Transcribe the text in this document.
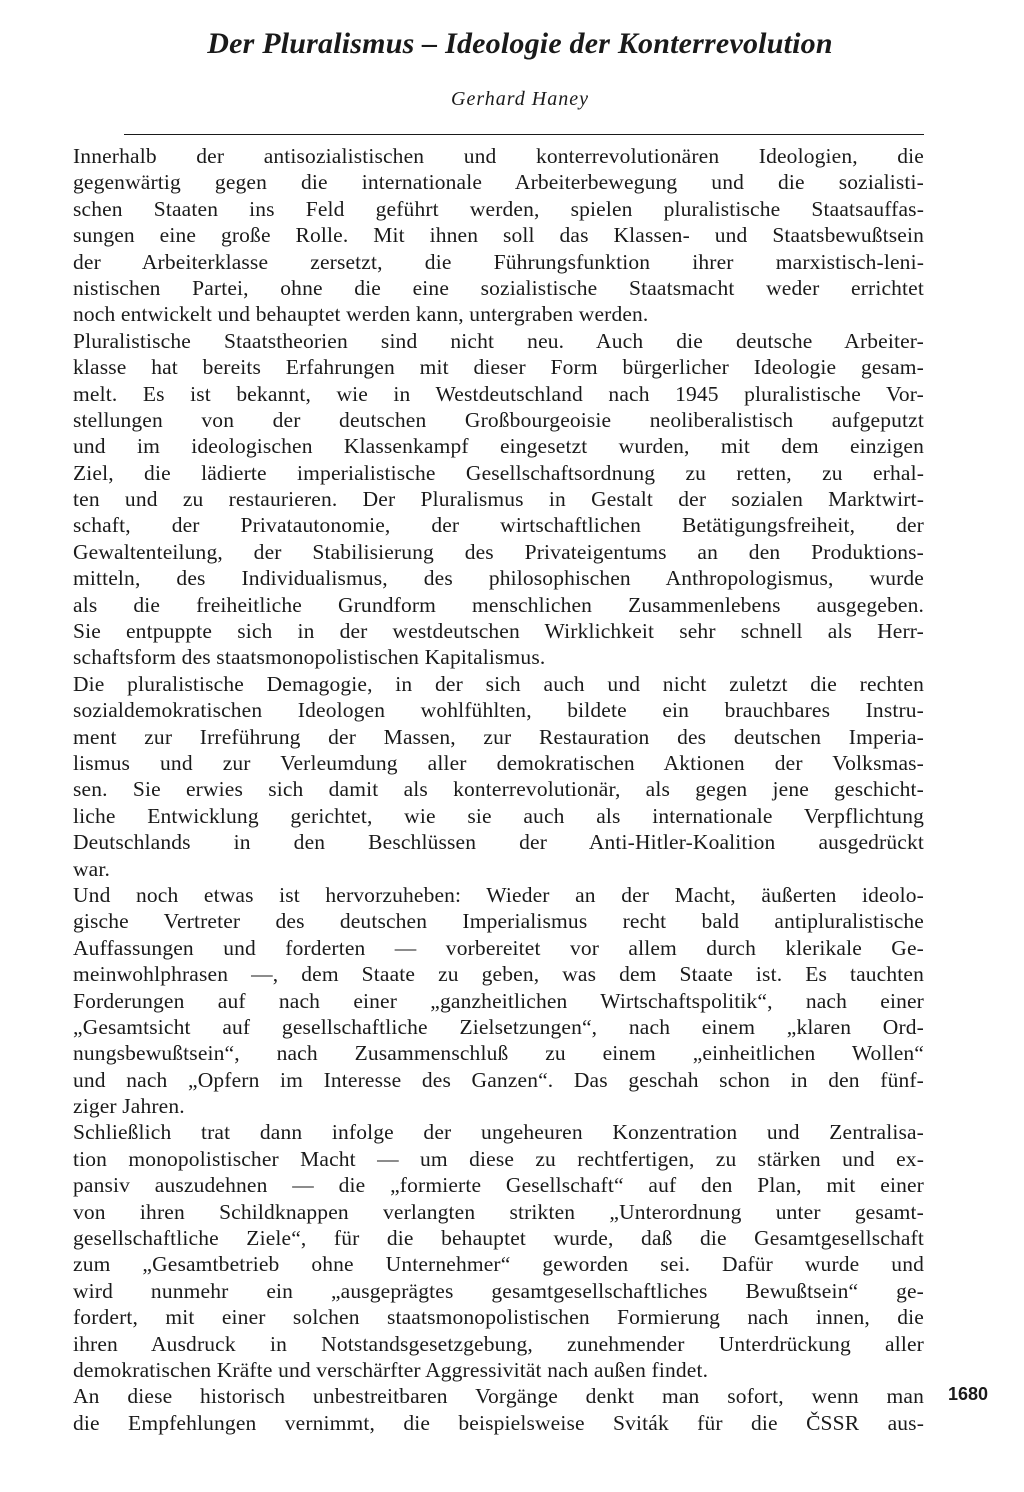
Der Pluralismus – Ideologie der Konterrevolution
Gerhard Haney
Innerhalb der antisozialistischen und konterrevolutionären Ideologien, die
gegenwärtig gegen die internationale Arbeiterbewegung und die sozialisti-
schen Staaten ins Feld geführt werden, spielen pluralistische Staatsauffas-
sungen eine große Rolle. Mit ihnen soll das Klassen- und Staatsbewußtsein
der Arbeiterklasse zersetzt, die Führungsfunktion ihrer marxistisch-leni-
nistischen Partei, ohne die eine sozialistische Staatsmacht weder errichtet
noch entwickelt und behauptet werden kann, untergraben werden.
Pluralistische Staatstheorien sind nicht neu. Auch die deutsche Arbeiter-
klasse hat bereits Erfahrungen mit dieser Form bürgerlicher Ideologie gesam-
melt. Es ist bekannt, wie in Westdeutschland nach 1945 pluralistische Vor-
stellungen von der deutschen Großbourgeoisie neoliberalistisch aufgeputzt
und im ideologischen Klassenkampf eingesetzt wurden, mit dem einzigen
Ziel, die lädierte imperialistische Gesellschaftsordnung zu retten, zu erhal-
ten und zu restaurieren. Der Pluralismus in Gestalt der sozialen Marktwirt-
schaft, der Privatautonomie, der wirtschaftlichen Betätigungsfreiheit, der
Gewaltenteilung, der Stabilisierung des Privateigentums an den Produktions-
mitteln, des Individualismus, des philosophischen Anthropologismus, wurde
als die freiheitliche Grundform menschlichen Zusammenlebens ausgegeben.
Sie entpuppte sich in der westdeutschen Wirklichkeit sehr schnell als Herr-
schaftsform des staatsmonopolistischen Kapitalismus.
Die pluralistische Demagogie, in der sich auch und nicht zuletzt die rechten
sozialdemokratischen Ideologen wohlfühlten, bildete ein brauchbares Instru-
ment zur Irreführung der Massen, zur Restauration des deutschen Imperia-
lismus und zur Verleumdung aller demokratischen Aktionen der Volksmas-
sen. Sie erwies sich damit als konterrevolutionär, als gegen jene geschicht-
liche Entwicklung gerichtet, wie sie auch als internationale Verpflichtung
Deutschlands in den Beschlüssen der Anti-Hitler-Koalition ausgedrückt
war.
Und noch etwas ist hervorzuheben: Wieder an der Macht, äußerten ideolo-
gische Vertreter des deutschen Imperialismus recht bald antipluralistische
Auffassungen und forderten — vorbereitet vor allem durch klerikale Ge-
meinwohlphrasen —, dem Staate zu geben, was dem Staate ist. Es tauchten
Forderungen auf nach einer „ganzheitlichen Wirtschaftspolitik“, nach einer
„Gesamtsicht auf gesellschaftliche Zielsetzungen“, nach einem „klaren Ord-
nungsbewußtsein“, nach Zusammenschluß zu einem „einheitlichen Wollen“
und nach „Opfern im Interesse des Ganzen“. Das geschah schon in den fünf-
ziger Jahren.
Schließlich trat dann infolge der ungeheuren Konzentration und Zentralisa-
tion monopolistischer Macht — um diese zu rechtfertigen, zu stärken und ex-
pansiv auszudehnen — die „formierte Gesellschaft“ auf den Plan, mit einer
von ihren Schildknappen verlangten strikten „Unterordnung unter gesamt-
gesellschaftliche Ziele“, für die behauptet wurde, daß die Gesamtgesellschaft
zum „Gesamtbetrieb ohne Unternehmer“ geworden sei. Dafür wurde und
wird nunmehr ein „ausgeprägtes gesamtgesellschaftliches Bewußtsein“ ge-
fordert, mit einer solchen staatsmonopolistischen Formierung nach innen, die
ihren Ausdruck in Notstandsgesetzgebung, zunehmender Unterdrückung aller
demokratischen Kräfte und verschärfter Aggressivität nach außen findet.
An diese historisch unbestreitbaren Vorgänge denkt man sofort, wenn man
die Empfehlungen vernimmt, die beispielsweise Sviták für die ČSSR aus-
1680
